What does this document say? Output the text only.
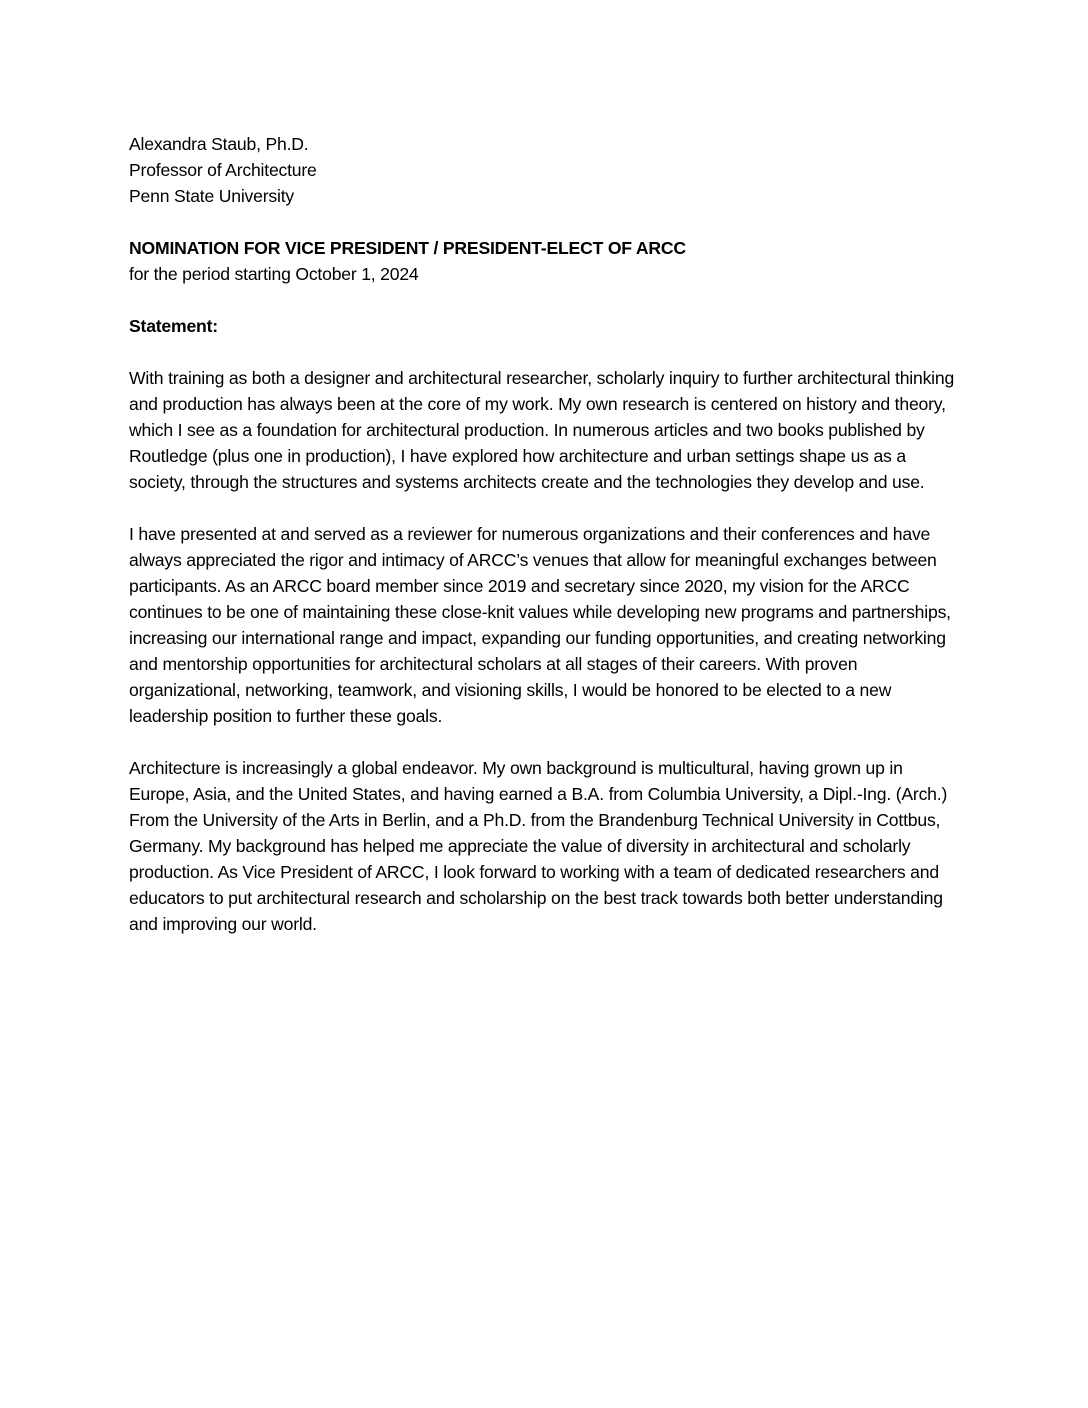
Alexandra Staub, Ph.D.
Professor of Architecture
Penn State University
NOMINATION FOR VICE PRESIDENT / PRESIDENT-ELECT OF ARCC
for the period starting October 1, 2024
Statement:

With training as both a designer and architectural researcher, scholarly inquiry to further architectural thinking and production has always been at the core of my work. My own research is centered on history and theory, which I see as a foundation for architectural production. In numerous articles and two books published by Routledge (plus one in production), I have explored how architecture and urban settings shape us as a society, through the structures and systems architects create and the technologies they develop and use.

I have presented at and served as a reviewer for numerous organizations and their conferences and have always appreciated the rigor and intimacy of ARCC’s venues that allow for meaningful exchanges between participants. As an ARCC board member since 2019 and secretary since 2020, my vision for the ARCC continues to be one of maintaining these close-knit values while developing new programs and partnerships, increasing our international range and impact, expanding our funding opportunities, and creating networking and mentorship opportunities for architectural scholars at all stages of their careers. With proven organizational, networking, teamwork, and visioning skills, I would be honored to be elected to a new leadership position to further these goals.

Architecture is increasingly a global endeavor. My own background is multicultural, having grown up in Europe, Asia, and the United States, and having earned a B.A. from Columbia University, a Dipl.-Ing. (Arch.) From the University of the Arts in Berlin, and a Ph.D. from the Brandenburg Technical University in Cottbus, Germany. My background has helped me appreciate the value of diversity in architectural and scholarly production. As Vice President of ARCC, I look forward to working with a team of dedicated researchers and educators to put architectural research and scholarship on the best track towards both better understanding and improving our world.
